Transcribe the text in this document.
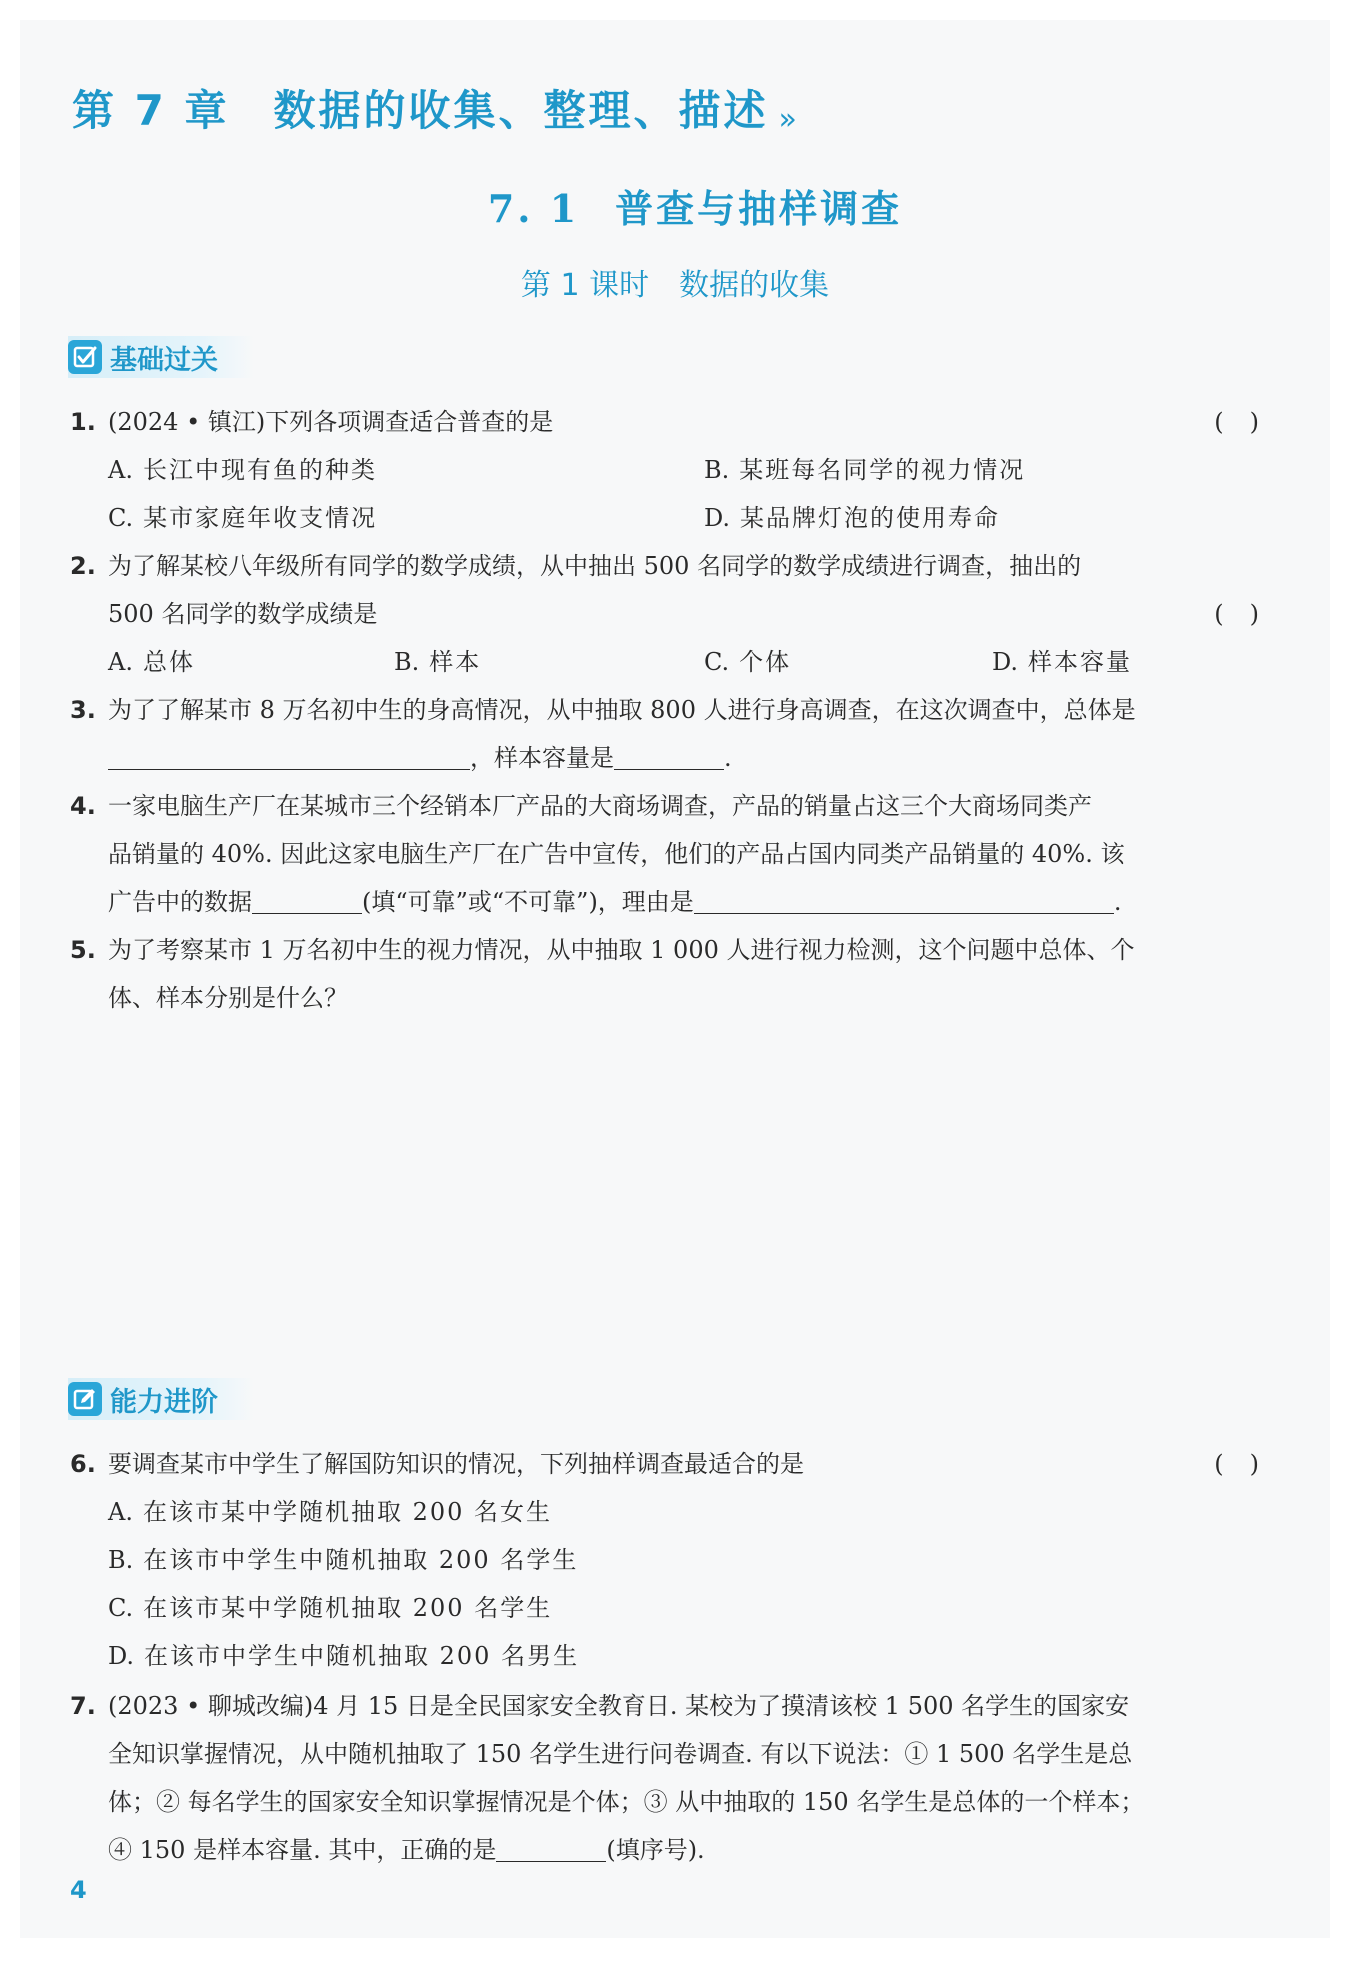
第 7 章 数据的收集、整理、描述 »
7. 1 普查与抽样调查
第 1 课时 数据的收集
基础过关
1. (2024 • 镇江)下列各项调查适合普查的是	()
A. 长江中现有鱼的种类	B. 某班每名同学的视力情况
C. 某市家庭年收支情况	D. 某品牌灯泡的使用寿命
2. 为了解某校八年级所有同学的数学成绩，从中抽出 500 名同学的数学成绩进行调查，抽出的
500 名同学的数学成绩是	()
A. 总体	B. 样本	C. 个体	D. 样本容量
3. 为了了解某市 8 万名初中生的身高情况，从中抽取 800 人进行身高调查，在这次调查中，总体是
，样本容量是	.
4. 一家电脑生产厂在某城市三个经销本厂产品的大商场调查，产品的销量占这三个大商场同类产
品销量的 40%. 因此这家电脑生产厂在广告中宣传，他们的产品占国内同类产品销量的 40%. 该
广告中的数据	(填“可靠”或“不可靠”)，理由是	.
5. 为了考察某市 1 万名初中生的视力情况，从中抽取 1 000 人进行视力检测，这个问题中总体、个
体、样本分别是什么？
能力进阶
6. 要调查某市中学生了解国防知识的情况，下列抽样调查最适合的是	()
A. 在该市某中学随机抽取 200 名女生
B. 在该市中学生中随机抽取 200 名学生
C. 在该市某中学随机抽取 200 名学生
D. 在该市中学生中随机抽取 200 名男生
7. (2023 • 聊城改编)4 月 15 日是全民国家安全教育日. 某校为了摸清该校 1 500 名学生的国家安
全知识掌握情况，从中随机抽取了 150 名学生进行问卷调查. 有以下说法：① 1 500 名学生是总
体；② 每名学生的国家安全知识掌握情况是个体；③ 从中抽取的 150 名学生是总体的一个样本；
④ 150 是样本容量. 其中，正确的是	(填序号).
4
